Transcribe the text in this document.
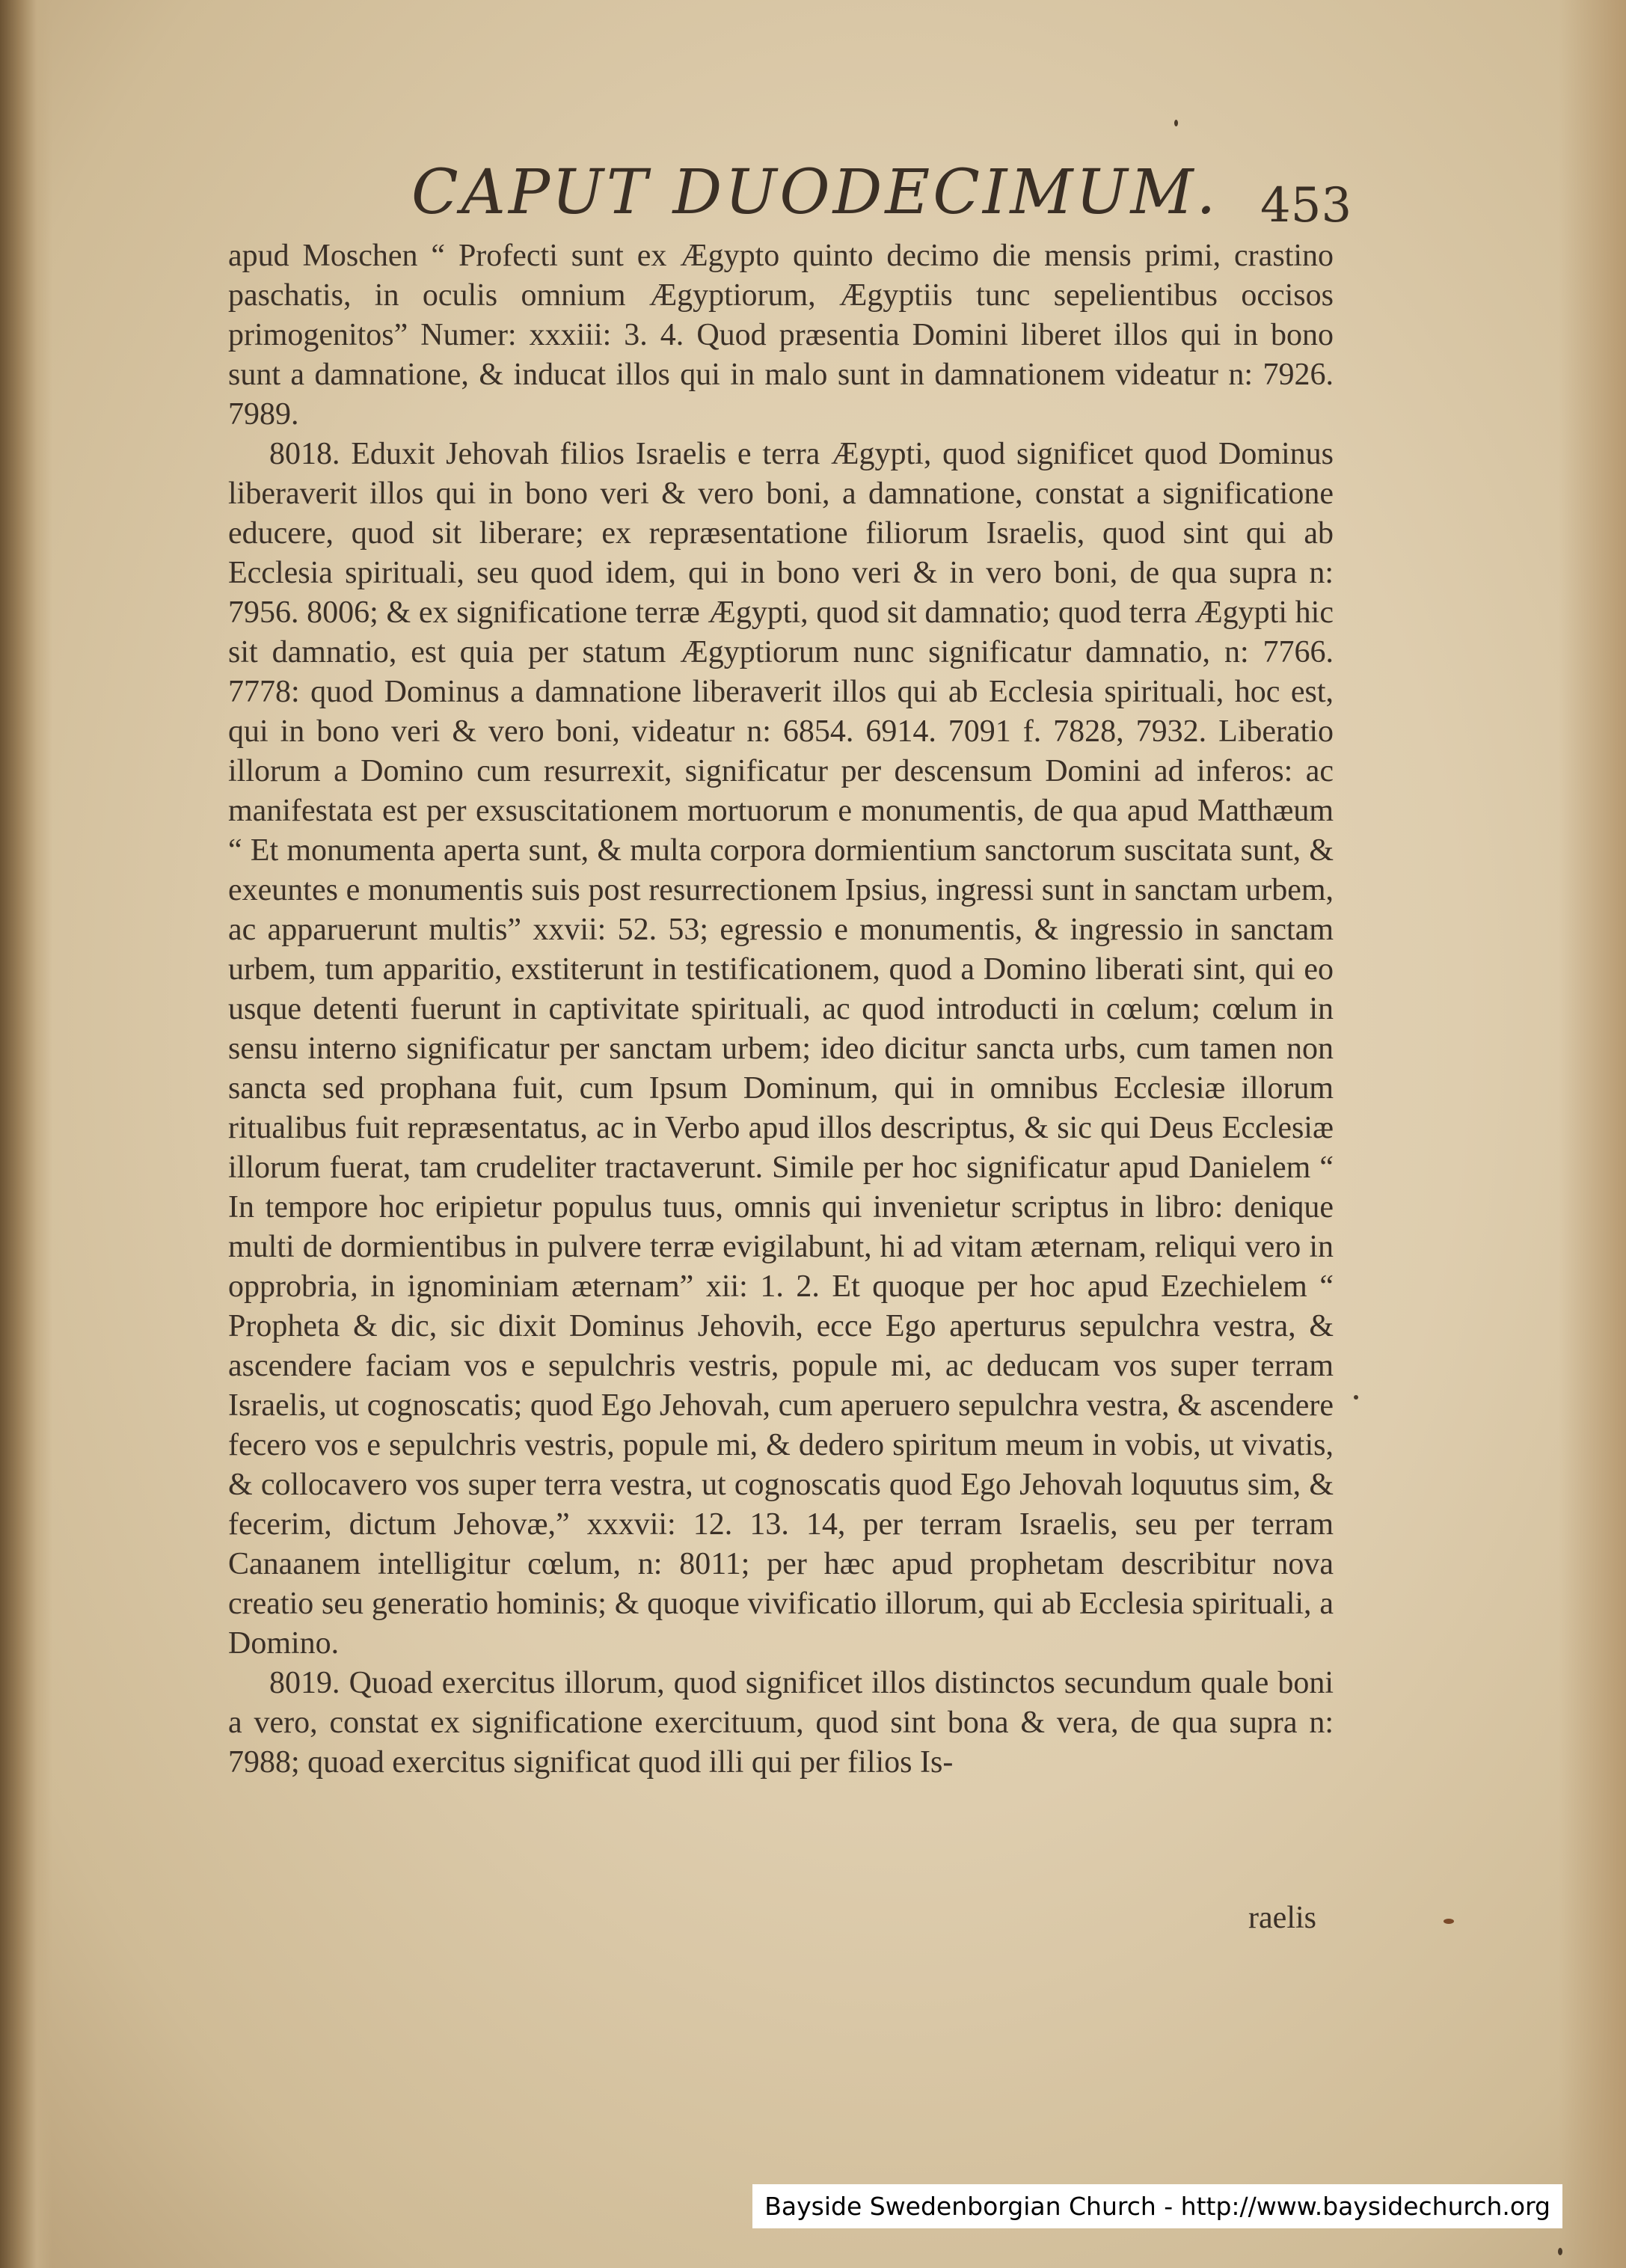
CAPUT DUODECIMUM. 453

apud Moschen “ Profecti sunt ex Ægypto quinto decimo die mensis primi, crastino paschatis, in oculis omnium Ægyptiorum, Ægyptiis tunc sepelientibus occisos primogenitos” Numer: xxxiii: 3. 4. Quod præsentia Domini liberet illos qui in bono sunt a damnatione, & inducat illos qui in malo sunt in damnationem videatur n: 7926. 7989.

8018. Eduxit Jehovah filios Israelis e terra Ægypti, quod significet quod Dominus liberaverit illos qui in bono veri & vero boni, a damnatione, constat a significatione educere, quod sit liberare; ex repræsentatione filiorum Israelis, quod sint qui ab Ecclesia spirituali, seu quod idem, qui in bono veri & in vero boni, de qua supra n: 7956. 8006; & ex significatione terræ Ægypti, quod sit damnatio; quod terra Ægypti hic sit damnatio, est quia per statum Ægyptiorum nunc significatur damnatio, n: 7766. 7778: quod Dominus a damnatione liberaverit illos qui ab Ecclesia spirituali, hoc est, qui in bono veri & vero boni, videatur n: 6854. 6914. 7091 f. 7828, 7932. Liberatio illorum a Domino cum resurrexit, significatur per descensum Domini ad inferos: ac manifestata est per exsuscitationem mortuorum e monumentis, de qua apud Matthæum “ Et monumenta aperta sunt, & multa corpora dormientium sanctorum suscitata sunt, & exeuntes e monumentis suis post resurrectionem Ipsius, ingressi sunt in sanctam urbem, ac apparuerunt multis” xxvii: 52. 53; egressio e monumentis, & ingressio in sanctam urbem, tum apparitio, exstiterunt in testificationem, quod a Domino liberati sint, qui eo usque detenti fuerunt in captivitate spirituali, ac quod introducti in cœlum; cœlum in sensu interno significatur per sanctam urbem; ideo dicitur sancta urbs, cum tamen non sancta sed prophana fuit, cum Ipsum Dominum, qui in omnibus Ecclesiæ illorum ritualibus fuit repræsentatus, ac in Verbo apud illos descriptus, & sic qui Deus Ecclesiæ illorum fuerat, tam crudeliter tractaverunt. Simile per hoc significatur apud Danielem “ In tempore hoc eripietur populus tuus, omnis qui invenietur scriptus in libro: denique multi de dormientibus in pulvere terræ evigilabunt, hi ad vitam æternam, reliqui vero in opprobria, in ignominiam æternam” xii: 1. 2. Et quoque per hoc apud Ezechielem “ Propheta & dic, sic dixit Dominus Jehovih, ecce Ego aperturus sepulchra vestra, & ascendere faciam vos e sepulchris vestris, popule mi, ac deducam vos super terram Israelis, ut cognoscatis; quod Ego Jehovah, cum aperuero sepulchra vestra, & ascendere fecero vos e sepulchris vestris, popule mi, & dedero spiritum meum in vobis, ut vivatis, & collocavero vos super terra vestra, ut cognoscatis quod Ego Jehovah loquutus sim, & fecerim, dictum Jehovæ,” xxxvii: 12. 13. 14, per terram Israelis, seu per terram Canaanem intelligitur cœlum, n: 8011; per hæc apud prophetam describitur nova creatio seu generatio hominis; & quoque vivificatio illorum, qui ab Ecclesia spirituali, a Domino.

8019. Quoad exercitus illorum, quod significet illos distinctos secundum quale boni a vero, constat ex significatione exercituum, quod sint bona & vera, de qua supra n: 7988; quoad exercitus significat quod illi qui per filios Is-

raelis
Bayside Swedenborgian Church - http://www.baysidechurch.org
